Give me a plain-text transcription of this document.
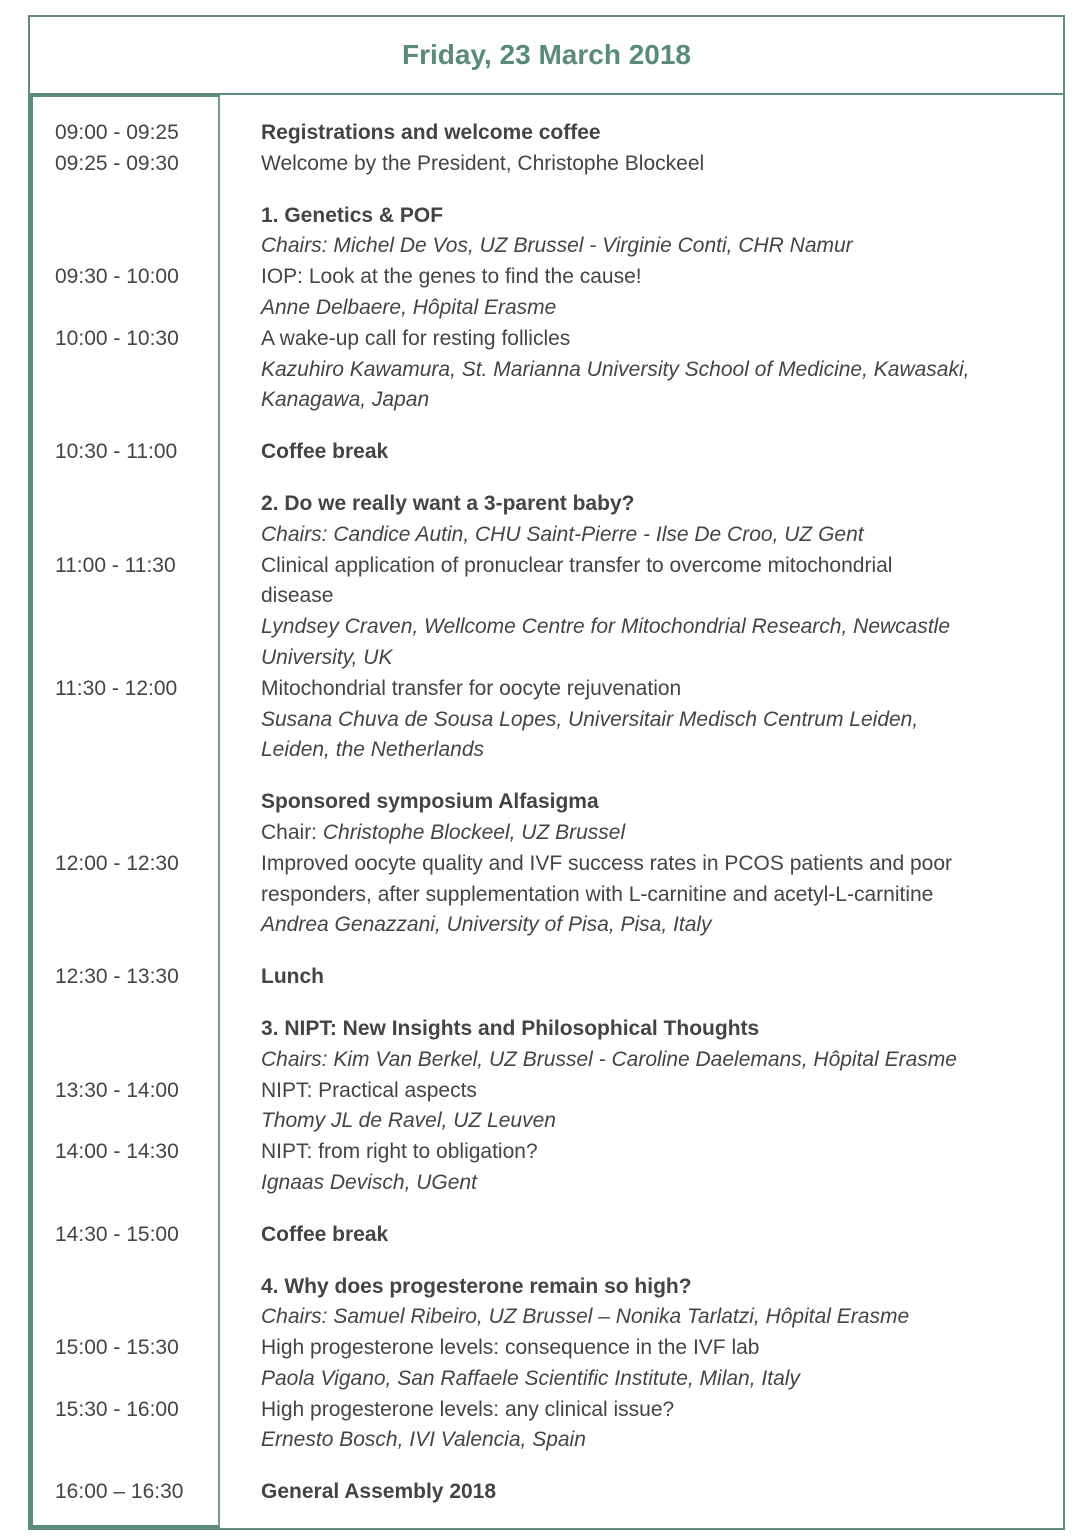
Friday, 23 March 2018
09:00 - 09:25	Registrations and welcome coffee
09:25 - 09:30	Welcome by the President, Christophe Blockeel
1. Genetics & POF
Chairs: Michel De Vos, UZ Brussel - Virginie Conti, CHR Namur
09:30 - 10:00	IOP: Look at the genes to find the cause!
Anne Delbaere, Hôpital Erasme
10:00 - 10:30	A wake-up call for resting follicles
Kazuhiro Kawamura, St. Marianna University School of Medicine, Kawasaki,
Kanagawa, Japan
10:30 - 11:00	Coffee break
2. Do we really want a 3-parent baby?
Chairs: Candice Autin, CHU Saint-Pierre - Ilse De Croo, UZ Gent
11:00 - 11:30	Clinical application of pronuclear transfer to overcome mitochondrial
disease
Lyndsey Craven, Wellcome Centre for Mitochondrial Research, Newcastle
University, UK
11:30 - 12:00	Mitochondrial transfer for oocyte rejuvenation
Susana Chuva de Sousa Lopes, Universitair Medisch Centrum Leiden,
Leiden, the Netherlands
Sponsored symposium Alfasigma
Chair: Christophe Blockeel, UZ Brussel
12:00 - 12:30	Improved oocyte quality and IVF success rates in PCOS patients and poor
responders, after supplementation with L-carnitine and acetyl-L-carnitine
Andrea Genazzani, University of Pisa, Pisa, Italy
12:30 - 13:30	Lunch
3. NIPT: New Insights and Philosophical Thoughts
Chairs: Kim Van Berkel, UZ Brussel - Caroline Daelemans, Hôpital Erasme
13:30 - 14:00	NIPT: Practical aspects
Thomy JL de Ravel, UZ Leuven
14:00 - 14:30	NIPT: from right to obligation?
Ignaas Devisch, UGent
14:30 - 15:00	Coffee break
4. Why does progesterone remain so high?
Chairs: Samuel Ribeiro, UZ Brussel – Nonika Tarlatzi, Hôpital Erasme
15:00 - 15:30	High progesterone levels: consequence in the IVF lab
Paola Vigano, San Raffaele Scientific Institute, Milan, Italy
15:30 - 16:00	High progesterone levels: any clinical issue?
Ernesto Bosch, IVI Valencia, Spain
16:00 – 16:30	General Assembly 2018
